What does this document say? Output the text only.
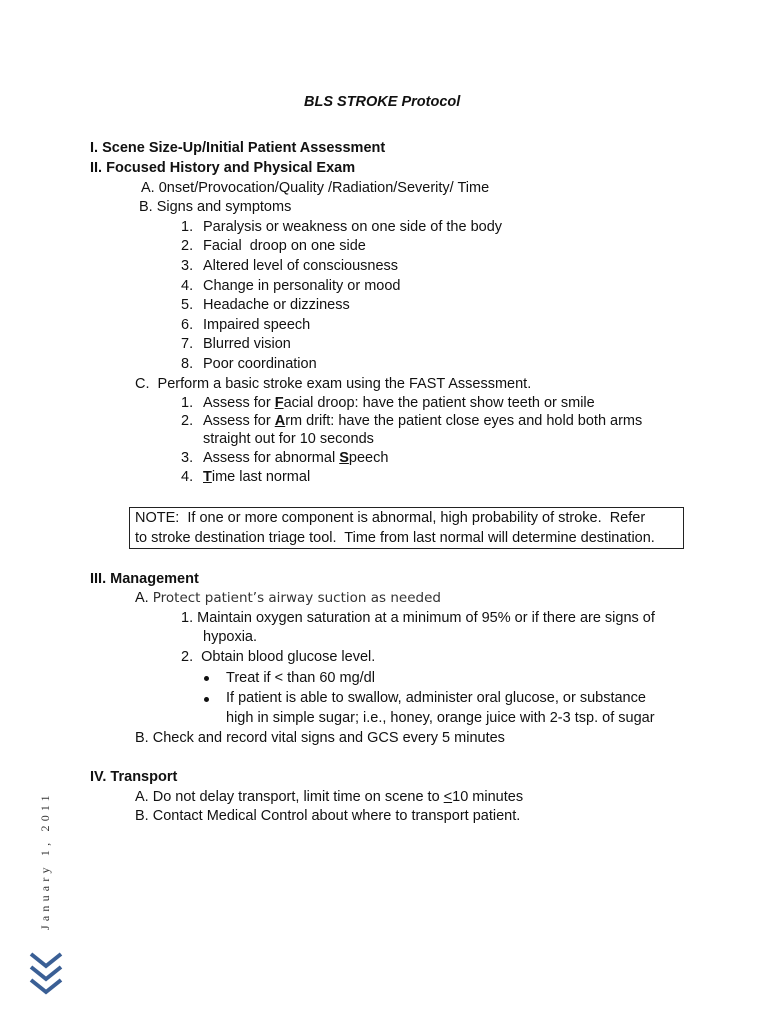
BLS STROKE Protocol
I. Scene Size-Up/Initial Patient Assessment
II. Focused History and Physical Exam
A. 0nset/Provocation/Quality /Radiation/Severity/ Time
B. Signs and symptoms
1. Paralysis or weakness on one side of the body
2. Facial  droop on one side
3. Altered level of consciousness
4. Change in personality or mood
5. Headache or dizziness
6. Impaired speech
7. Blurred vision
8. Poor coordination
C.  Perform a basic stroke exam using the FAST Assessment.
1. Assess for Facial droop: have the patient show teeth or smile
2. Assess for Arm drift: have the patient close eyes and hold both arms
straight out for 10 seconds
3. Assess for abnormal Speech
4. Time last normal
NOTE:  If one or more component is abnormal, high probability of stroke.  Refer
to stroke destination triage tool.  Time from last normal will determine destination.
III. Management
A. Protect patient’s airway suction as needed
1. Maintain oxygen saturation at a minimum of 95% or if there are signs of
hypoxia.
2.  Obtain blood glucose level.
Treat if < than 60 mg/dl
If patient is able to swallow, administer oral glucose, or substance
high in simple sugar; i.e., honey, orange juice with 2-3 tsp. of sugar
B. Check and record vital signs and GCS every 5 minutes
IV. Transport
A. Do not delay transport, limit time on scene to ≤10 minutes
B. Contact Medical Control about where to transport patient.
January 1, 2011
